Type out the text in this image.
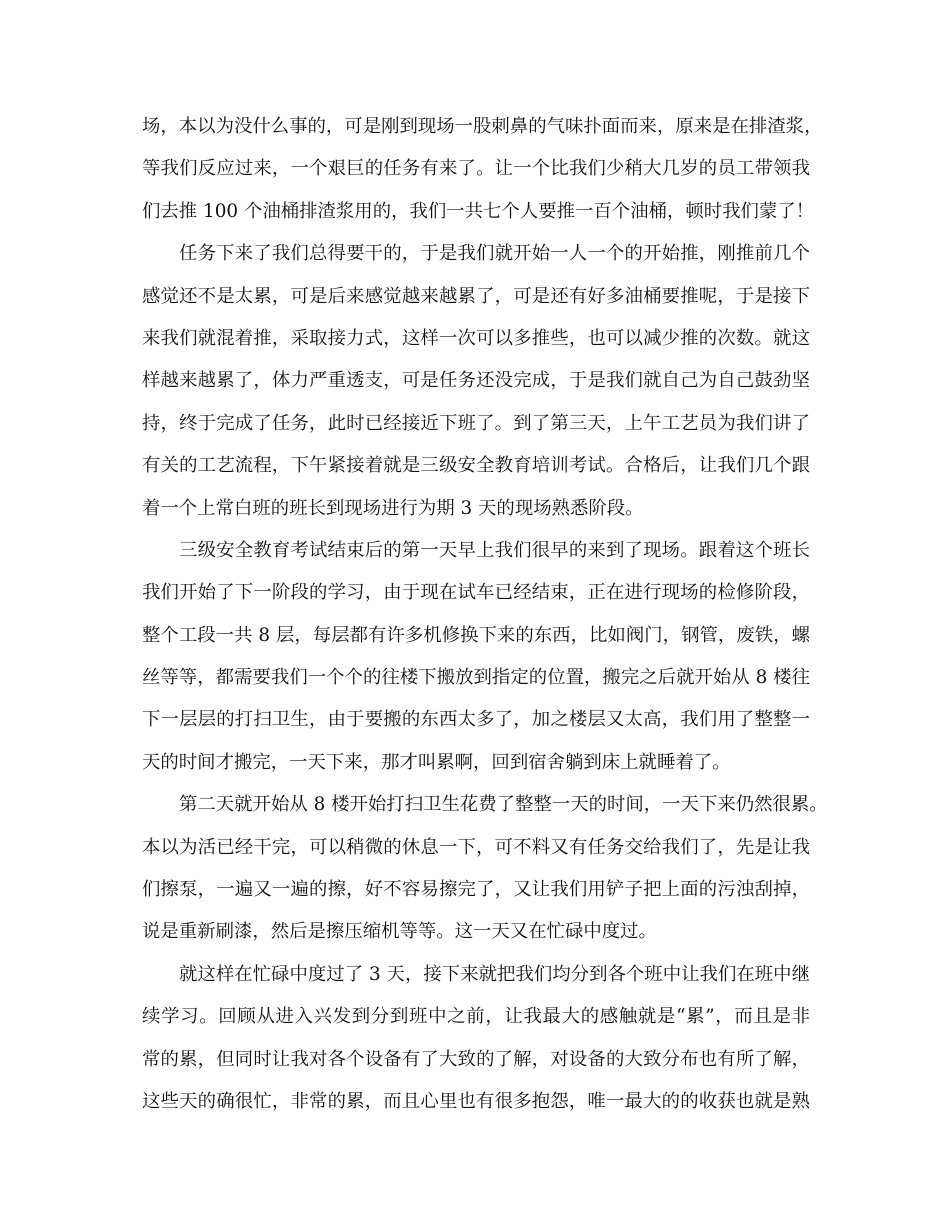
场，本以为没什么事的，可是刚到现场一股刺鼻的气味扑面而来，原来是在排渣浆，
等我们反应过来，一个艰巨的任务有来了。让一个比我们少稍大几岁的员工带领我
们去推 100 个油桶排渣浆用的，我们一共七个人要推一百个油桶，顿时我们蒙了！
任务下来了我们总得要干的，于是我们就开始一人一个的开始推，刚推前几个
感觉还不是太累，可是后来感觉越来越累了，可是还有好多油桶要推呢，于是接下
来我们就混着推，采取接力式，这样一次可以多推些，也可以减少推的次数。就这
样越来越累了，体力严重透支，可是任务还没完成，于是我们就自己为自己鼓劲坚
持，终于完成了任务，此时已经接近下班了。到了第三天，上午工艺员为我们讲了
有关的工艺流程，下午紧接着就是三级安全教育培训考试。合格后，让我们几个跟
着一个上常白班的班长到现场进行为期 3 天的现场熟悉阶段。
三级安全教育考试结束后的第一天早上我们很早的来到了现场。跟着这个班长
我们开始了下一阶段的学习，由于现在试车已经结束，正在进行现场的检修阶段，
整个工段一共 8 层，每层都有许多机修换下来的东西，比如阀门，钢管，废铁，螺
丝等等，都需要我们一个个的往楼下搬放到指定的位置，搬完之后就开始从 8 楼往
下一层层的打扫卫生，由于要搬的东西太多了，加之楼层又太高，我们用了整整一
天的时间才搬完，一天下来，那才叫累啊，回到宿舍躺到床上就睡着了。
第二天就开始从 8 楼开始打扫卫生花费了整整一天的时间，一天下来仍然很累。
本以为活已经干完，可以稍微的休息一下，可不料又有任务交给我们了，先是让我
们擦泵，一遍又一遍的擦，好不容易擦完了，又让我们用铲子把上面的污浊刮掉，
说是重新刷漆，然后是擦压缩机等等。这一天又在忙碌中度过。
就这样在忙碌中度过了 3 天，接下来就把我们均分到各个班中让我们在班中继
续学习。回顾从进入兴发到分到班中之前，让我最大的感触就是“累”，而且是非
常的累，但同时让我对各个设备有了大致的了解，对设备的大致分布也有所了解，
这些天的确很忙，非常的累，而且心里也有很多抱怨，唯一最大的的收获也就是熟
